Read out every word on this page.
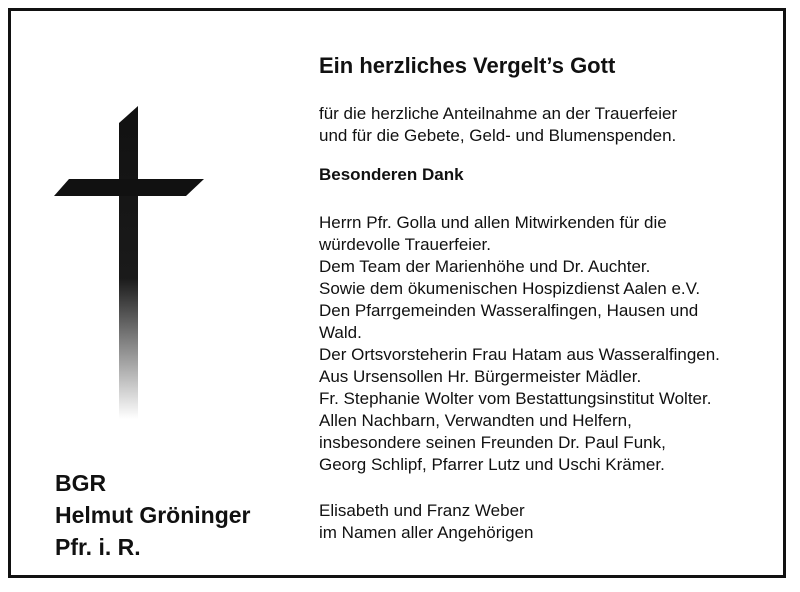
Ein herzliches Vergelt’s Gott
für die herzliche Anteilnahme an der Trauerfeier
und für die Gebete, Geld- und Blumenspenden.
Besonderen Dank
Herrn Pfr. Golla und allen Mitwirkenden für die
würdevolle Trauerfeier.
Dem Team der Marienhöhe und Dr. Auchter.
Sowie dem ökumenischen Hospizdienst Aalen e.V.
Den Pfarrgemeinden Wasseralfingen, Hausen und
Wald.
Der Ortsvorsteherin Frau Hatam aus Wasseralfingen.
Aus Ursensollen Hr. Bürgermeister Mädler.
Fr. Stephanie Wolter vom Bestattungsinstitut Wolter.
Allen Nachbarn, Verwandten und Helfern,
insbesondere seinen Freunden Dr. Paul Funk,
Georg Schlipf, Pfarrer Lutz und Uschi Krämer.
Elisabeth und Franz Weber
im Namen aller Angehörigen
BGR
Helmut Gröninger
Pfr. i. R.
